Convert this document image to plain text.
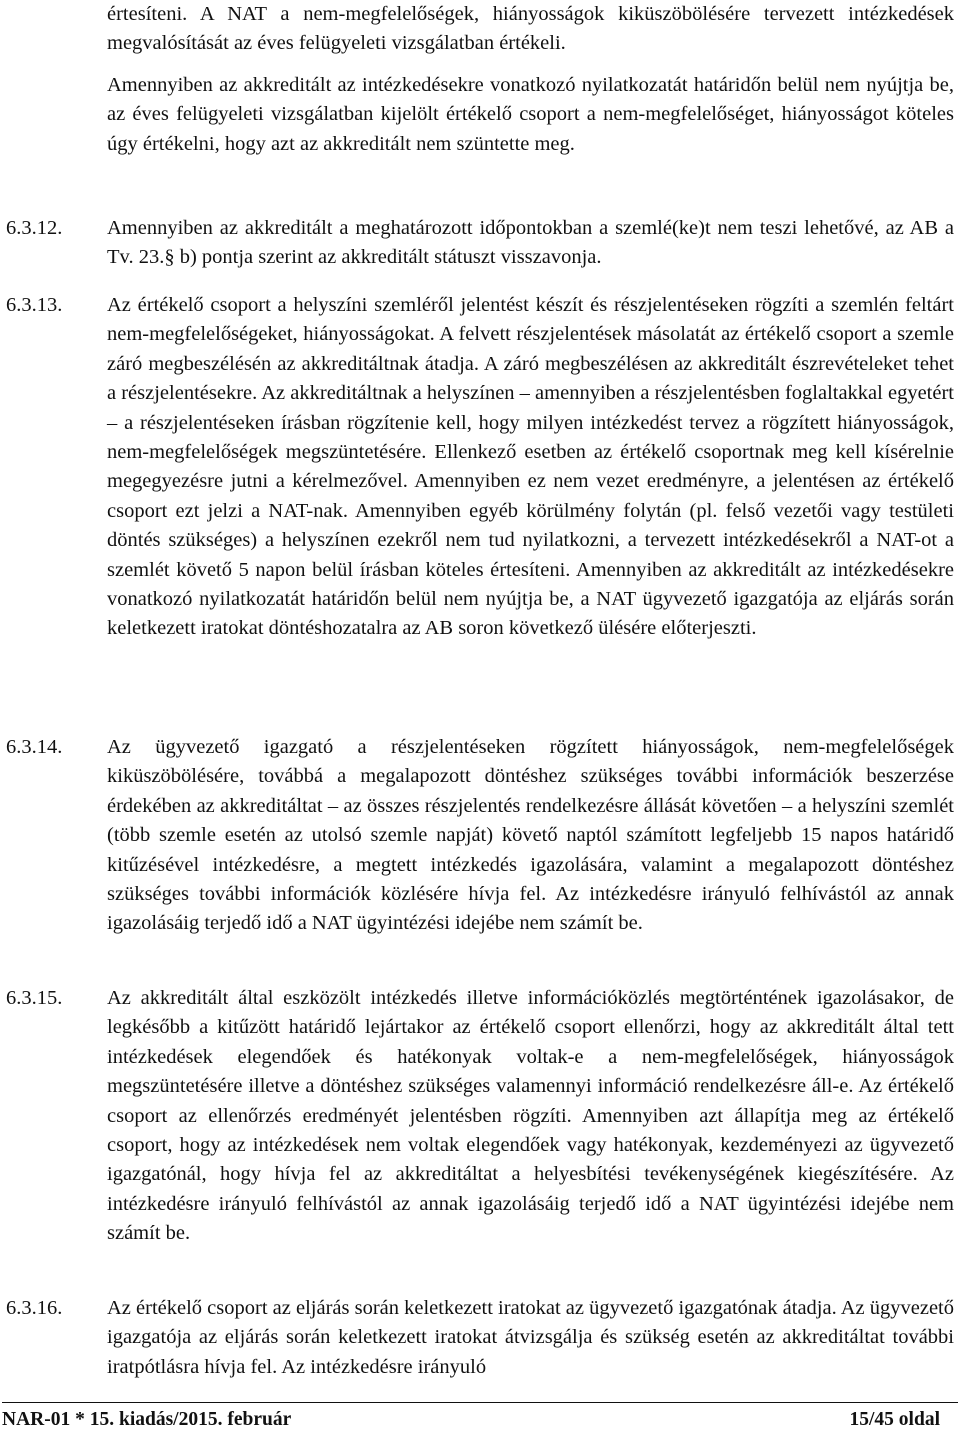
értesíteni. A NAT a nem-megfelelőségek, hiányosságok kiküszöbölésére tervezett intézkedések megvalósítását az éves felügyeleti vizsgálatban értékeli.

Amennyiben az akkreditált az intézkedésekre vonatkozó nyilatkozatát határidőn belül nem nyújtja be, az éves felügyeleti vizsgálatban kijelölt értékelő csoport a nem-megfelelőséget, hiányosságot köteles úgy értékelni, hogy azt az akkreditált nem szüntette meg.

6.3.12. Amennyiben az akkreditált a meghatározott időpontokban a szemlé(ke)t nem teszi lehetővé, az AB a Tv. 23.§ b) pontja szerint az akkreditált státuszt visszavonja.

6.3.13. Az értékelő csoport a helyszíni szemléről jelentést készít és részjelentéseken rögzíti a szemlén feltárt nem-megfelelőségeket, hiányosságokat. A felvett részjelentések másolatát az értékelő csoport a szemle záró megbeszélésén az akkreditáltnak átadja. A záró megbeszélésen az akkreditált észrevételeket tehet a részjelentésekre. Az akkreditáltnak a helyszínen – amennyiben a részjelentésben foglaltakkal egyetért – a részjelentéseken írásban rögzítenie kell, hogy milyen intézkedést tervez a rögzített hiányosságok, nem-megfelelőségek megszüntetésére. Ellenkező esetben az értékelő csoportnak meg kell kísérelnie megegyezésre jutni a kérelmezővel. Amennyiben ez nem vezet eredményre, a jelentésen az értékelő csoport ezt jelzi a NAT-nak. Amennyiben egyéb körülmény folytán (pl. felső vezetői vagy testületi döntés szükséges) a helyszínen ezekről nem tud nyilatkozni, a tervezett intézkedésekről a NAT-ot a szemlét követő 5 napon belül írásban köteles értesíteni. Amennyiben az akkreditált az intézkedésekre vonatkozó nyilatkozatát határidőn belül nem nyújtja be, a NAT ügyvezető igazgatója az eljárás során keletkezett iratokat döntéshozatalra az AB soron következő ülésére előterjeszti.

6.3.14. Az ügyvezető igazgató a részjelentéseken rögzített hiányosságok, nem-megfelelőségek kiküszöbölésére, továbbá a megalapozott döntéshez szükséges további információk beszerzése érdekében az akkreditáltat – az összes részjelentés rendelkezésre állását követően – a helyszíni szemlét (több szemle esetén az utolsó szemle napját) követő naptól számított legfeljebb 15 napos határidő kitűzésével intézkedésre, a megtett intézkedés igazolására, valamint a megalapozott döntéshez szükséges további információk közlésére hívja fel. Az intézkedésre irányuló felhívástól az annak igazolásáig terjedő idő a NAT ügyintézési idejébe nem számít be.

6.3.15. Az akkreditált által eszközölt intézkedés illetve információközlés megtörténtének igazolásakor, de legkésőbb a kitűzött határidő lejártakor az értékelő csoport ellenőrzi, hogy az akkreditált által tett intézkedések elegendőek és hatékonyak voltak-e a nem-megfelelőségek, hiányosságok megszüntetésére illetve a döntéshez szükséges valamennyi információ rendelkezésre áll-e. Az értékelő csoport az ellenőrzés eredményét jelentésben rögzíti. Amennyiben azt állapítja meg az értékelő csoport, hogy az intézkedések nem voltak elegendőek vagy hatékonyak, kezdeményezi az ügyvezető igazgatónál, hogy hívja fel az akkreditáltat a helyesbítési tevékenységének kiegészítésére. Az intézkedésre irányuló felhívástól az annak igazolásáig terjedő idő a NAT ügyintézési idejébe nem számít be.

6.3.16. Az értékelő csoport az eljárás során keletkezett iratokat az ügyvezető igazgatónak átadja. Az ügyvezető igazgatója az eljárás során keletkezett iratokat átvizsgálja és szükség esetén az akkreditáltat további iratpótlásra hívja fel. Az intézkedésre irányuló

NAR-01 * 15. kiadás/2015. február	15/45 oldal
